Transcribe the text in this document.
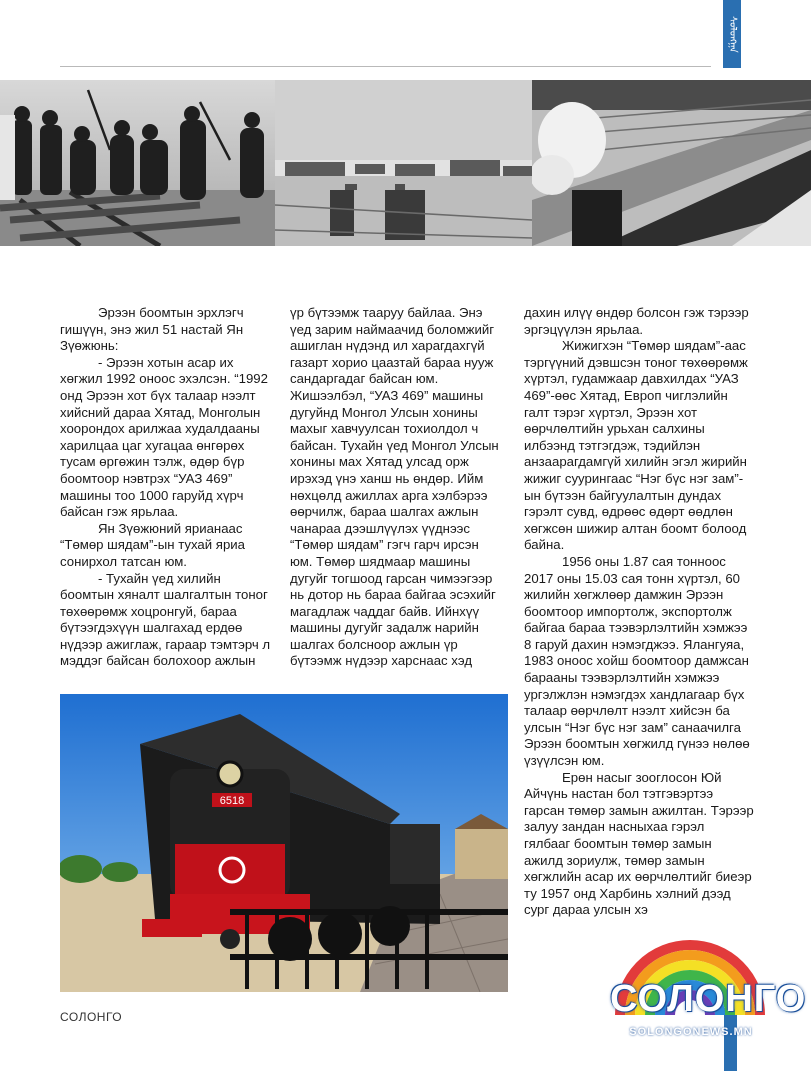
ᠰᠣᠯᠣᠩᠭ᠋ᠠ

Эрээн боомтын эрхлэгч гишүүн, энэ жил 51 настай Ян Зүөжюнь:

- Эрээн хотын асар их хөгжил 1992 оноос эхэлсэн. “1992 онд Эрээн хот бүх талаар нээлт хийсний дараа Хятад, Монголын хоорондох арилжаа худалдааны харилцаа цаг хугацаа өнгөрөх тусам өргөжин тэлж, өдөр бүр боомтоор нэвтрэх “УАЗ 469” машины тоо 1000 гаруйд хүрч байсан гэж ярьлаа.

Ян Зүөжюний ярианаас “Төмөр шядам”-ын тухай яриа сонирхол татсан юм.

- Тухайн үед хилийн боомтын хяналт шалгалтын тоног төхөөрөмж хоцронгуй, бараа бүтээгдэхүүн шалгахад ердөө нүдээр ажиглаж, гараар тэмтэрч л мэддэг байсан болохоор ажлын

үр бүтээмж тааруу байлаа. Энэ үед зарим наймаачид боломжийг ашиглан нүдэнд ил харагдахгүй газарт хорио цаазтай бараа нууж сандаргадаг байсан юм. Жишээлбэл, “УАЗ 469” машины дугуйнд Монгол Улсын хонины махыг хавчуулсан тохиолдол ч байсан. Тухайн үед Монгол Улсын хонины мах Хятад улсад орж ирэхэд үнэ ханш нь өндөр. Ийм нөхцөлд ажиллах арга хэлбэрээ өөрчилж, бараа шалгах ажлын чанараа дээшлүүлэх үүднээс “Төмөр шядам” гэгч гарч ирсэн юм. Төмөр шядмаар машины дугуйг тогшоод гарсан чимээгээр нь дотор нь бараа байгаа эсэхийг магадлаж чаддаг байв. Ийнхүү машины дугуйг задалж нарийн шалгах болсноор ажлын үр бүтээмж нүдээр харснаас хэд

дахин илүү өндөр болсон гэж тэрээр эргэцүүлэн ярьлаа.

Жижигхэн “Төмөр шядам”-аас тэргүүний дэвшсэн тоног төхөөрөмж хүртэл, гудамжаар давхилдах “УАЗ 469”-өөс Хятад, Европ чиглэлийн галт тэрэг хүртэл, Эрээн хот өөрчлөлтийн урьхан салхины илбээнд тэтгэгдэж, тэдийлэн анзаарагдамгүй хилийн эгэл жирийн жижиг суурингаас “Нэг бүс нэг зам”-ын бүтээн байгуулалтын дундах гэрэлт сувд, өдрөөс өдөрт өөдлөн хөгжсөн шижир алтан боомт болоод байна.

1956 оны 1.87 сая тонноос 2017 оны 15.03 сая тонн хүртэл, 60 жилийн хөгжлөөр дамжин Эрээн боомтоор импортолж, экспортолж байгаа бараа тээвэрлэлтийн хэмжээ 8 гаруй дахин нэмэгджээ. Ялангуяа, 1983 оноос хойш боомтоор дамжсан барааны тээвэрлэлтийн хэмжээ ургэлжлэн нэмэгдэх хандлагаар бүх талаар өөрчлөлт нээлт хийсэн ба улсын “Нэг бүс нэг зам” санаачилга Эрээн боомтын хөгжилд гүнээ нөлөө үзүүлсэн юм.

Ерөн насыг зооглосон Юй Айчүнь настан бол тэтгэвэртээ гарсан төмөр замын ажилтан. Тэрээр залуу зандан насныхаа гэрэл гялбааг боомтын төмөр замын ажилд зориулж, төмөр замын хөгжлийн асар их өөрчлөлтийг биеэр ту 1957 онд Харбинь хэлний дээд сург дараа улсын хэ

6518
СОЛОНГО	СОЛОНГО
SOLONGONEWS.MN
